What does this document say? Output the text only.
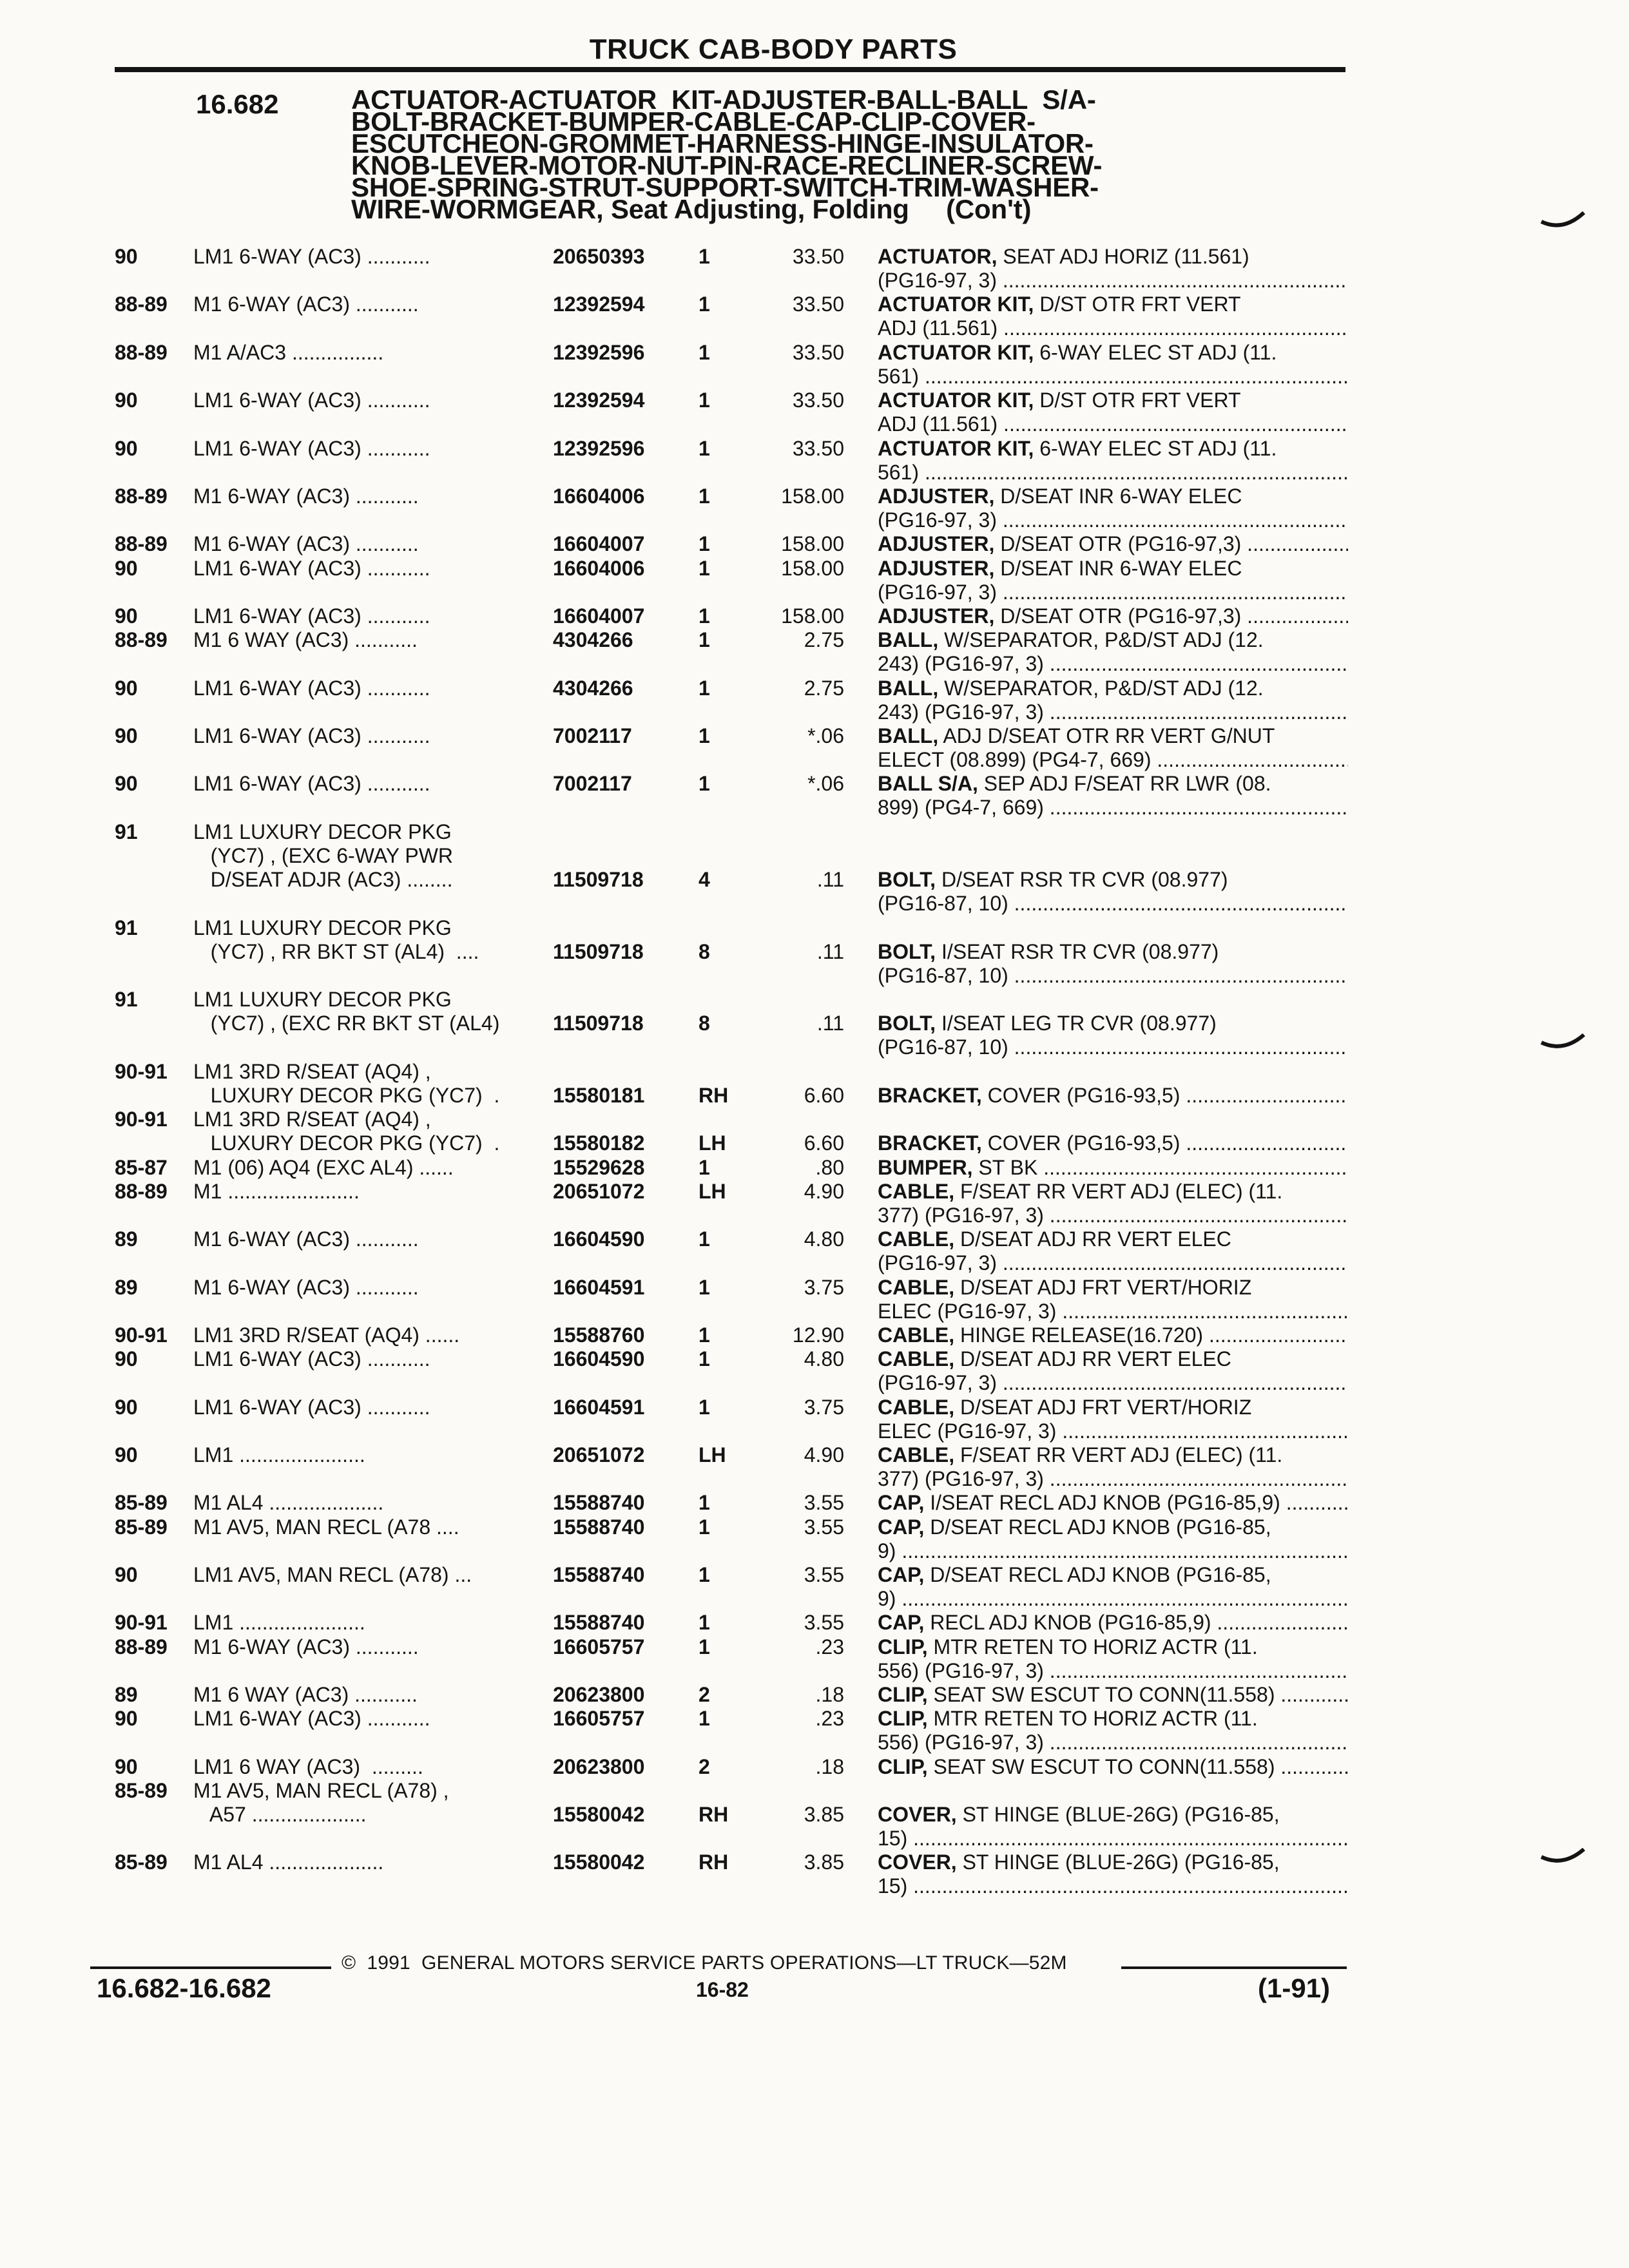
TRUCK CAB-BODY PARTS
16.682	ACTUATOR-ACTUATOR  KIT-ADJUSTER-BALL-BALL  S/A-
BOLT-BRACKET-BUMPER-CABLE-CAP-CLIP-COVER-
ESCUTCHEON-GROMMET-HARNESS-HINGE-INSULATOR-
KNOB-LEVER-MOTOR-NUT-PIN-RACE-RECLINER-SCREW-
SHOE-SPRING-STRUT-SUPPORT-SWITCH-TRIM-WASHER-
WIRE-WORMGEAR, Seat Adjusting, Folding     (Con't)
90	LM1 6-WAY (AC3) ...........	20650393	1	33.50 ACTUATOR, SEAT ADJ HORIZ (11.561)
(PG16-97, 3) .....
88-89 M1 6-WAY (AC3) ...........	12392594	1	33.50 ACTUATOR KIT, D/ST OTR FRT VERT
ADJ (11.561) .....
88-89 M1 A/AC3 ................	12392596	1	33.50 ACTUATOR KIT, 6-WAY ELEC ST ADJ (11.
561) .....
90	LM1 6-WAY (AC3) ...........	12392594	1	33.50 ACTUATOR KIT, D/ST OTR FRT VERT
ADJ (11.561) .....
90	LM1 6-WAY (AC3) ...........	12392596	1	33.50 ACTUATOR KIT, 6-WAY ELEC ST ADJ (11.
561) .....
88-89 M1 6-WAY (AC3) ...........	16604006	1	158.00 ADJUSTER, D/SEAT INR 6-WAY ELEC
(PG16-97, 3) .....
88-89 M1 6-WAY (AC3) ...........	16604007	1	158.00 ADJUSTER, D/SEAT OTR (PG16-97,3) .....
90	LM1 6-WAY (AC3) ...........	16604006	1	158.00 ADJUSTER, D/SEAT INR 6-WAY ELEC
(PG16-97, 3) .....
90	LM1 6-WAY (AC3) ...........	16604007	1	158.00 ADJUSTER, D/SEAT OTR (PG16-97,3) .....
88-89 M1 6 WAY (AC3) ...........	4304266	1	2.75 BALL, W/SEPARATOR, P&D/ST ADJ (12.
243) (PG16-97, 3) .....
90	LM1 6-WAY (AC3) ...........	4304266	1	2.75 BALL, W/SEPARATOR, P&D/ST ADJ (12.
243) (PG16-97, 3) .....
90	LM1 6-WAY (AC3) ...........	7002117	1	*.06 BALL, ADJ D/SEAT OTR RR VERT G/NUT
ELECT (08.899) (PG4-7, 669) .....
90	LM1 6-WAY (AC3) ...........	7002117	1	*.06 BALL S/A, SEP ADJ F/SEAT RR LWR (08.
899) (PG4-7, 669) .....
91	LM1 LUXURY DECOR PKG
(YC7) , (EXC 6-WAY PWR
D/SEAT ADJR (AC3) ........	11509718	4	.11 BOLT, D/SEAT RSR TR CVR (08.977)
(PG16-87, 10) .....
91	LM1 LUXURY DECOR PKG
(YC7) , RR BKT ST (AL4)  ....	11509718	8	.11 BOLT, I/SEAT RSR TR CVR (08.977)
(PG16-87, 10) .....
91	LM1 LUXURY DECOR PKG
(YC7) , (EXC RR BKT ST (AL4)	11509718	8	.11 BOLT, I/SEAT LEG TR CVR (08.977)
(PG16-87, 10) .....
90-91 LM1 3RD R/SEAT (AQ4) ,
LUXURY DECOR PKG (YC7)  .	15580181	RH	6.60 BRACKET, COVER (PG16-93,5) .....
90-91 LM1 3RD R/SEAT (AQ4) ,
LUXURY DECOR PKG (YC7)  .	15580182	LH	6.60 BRACKET, COVER (PG16-93,5) .....
85-87 M1 (06) AQ4 (EXC AL4) ......	15529628	1	.80 BUMPER, ST BK .....
88-89 M1 .......................	20651072	LH	4.90 CABLE, F/SEAT RR VERT ADJ (ELEC) (11.
377) (PG16-97, 3) .....
89	M1 6-WAY (AC3) ...........	16604590	1	4.80 CABLE, D/SEAT ADJ RR VERT ELEC
(PG16-97, 3) .....
89	M1 6-WAY (AC3) ...........	16604591	1	3.75 CABLE, D/SEAT ADJ FRT VERT/HORIZ
ELEC (PG16-97, 3) .....
90-91 LM1 3RD R/SEAT (AQ4) ......	15588760	1	12.90 CABLE, HINGE RELEASE(16.720) .....
90	LM1 6-WAY (AC3) ...........	16604590	1	4.80 CABLE, D/SEAT ADJ RR VERT ELEC
(PG16-97, 3) .....
90	LM1 6-WAY (AC3) ...........	16604591	1	3.75 CABLE, D/SEAT ADJ FRT VERT/HORIZ
ELEC (PG16-97, 3) .....
90	LM1 ......................	20651072	LH	4.90 CABLE, F/SEAT RR VERT ADJ (ELEC) (11.
377) (PG16-97, 3) .....
85-89 M1 AL4 ....................	15588740	1	3.55 CAP, I/SEAT RECL ADJ KNOB (PG16-85,9) .....
85-89 M1 AV5, MAN RECL (A78 ....	15588740	1	3.55 CAP, D/SEAT RECL ADJ KNOB (PG16-85,
9) .....
90	LM1 AV5, MAN RECL (A78) ...	15588740	1	3.55 CAP, D/SEAT RECL ADJ KNOB (PG16-85,
9) .....
90-91 LM1 ......................	15588740	1	3.55 CAP, RECL ADJ KNOB (PG16-85,9) .....
88-89 M1 6-WAY (AC3) ...........	16605757	1	.23 CLIP, MTR RETEN TO HORIZ ACTR (11.
556) (PG16-97, 3) .....
89	M1 6 WAY (AC3) ...........	20623800	2	.18 CLIP, SEAT SW ESCUT TO CONN(11.558) .....
90	LM1 6-WAY (AC3) ...........	16605757	1	.23 CLIP, MTR RETEN TO HORIZ ACTR (11.
556) (PG16-97, 3) .....
90	LM1 6 WAY (AC3)  .........	20623800	2	.18 CLIP, SEAT SW ESCUT TO CONN(11.558) .....
85-89 M1 AV5, MAN RECL (A78) ,
A57 ....................	15580042	RH	3.85 COVER, ST HINGE (BLUE-26G) (PG16-85,
15) .....
85-89 M1 AL4 ....................	15580042	RH	3.85 COVER, ST HINGE (BLUE-26G) (PG16-85,
15) .....
©  1991  GENERAL MOTORS SERVICE PARTS OPERATIONS—LT TRUCK—52M
16.682-16.682	16-82	(1-91)
